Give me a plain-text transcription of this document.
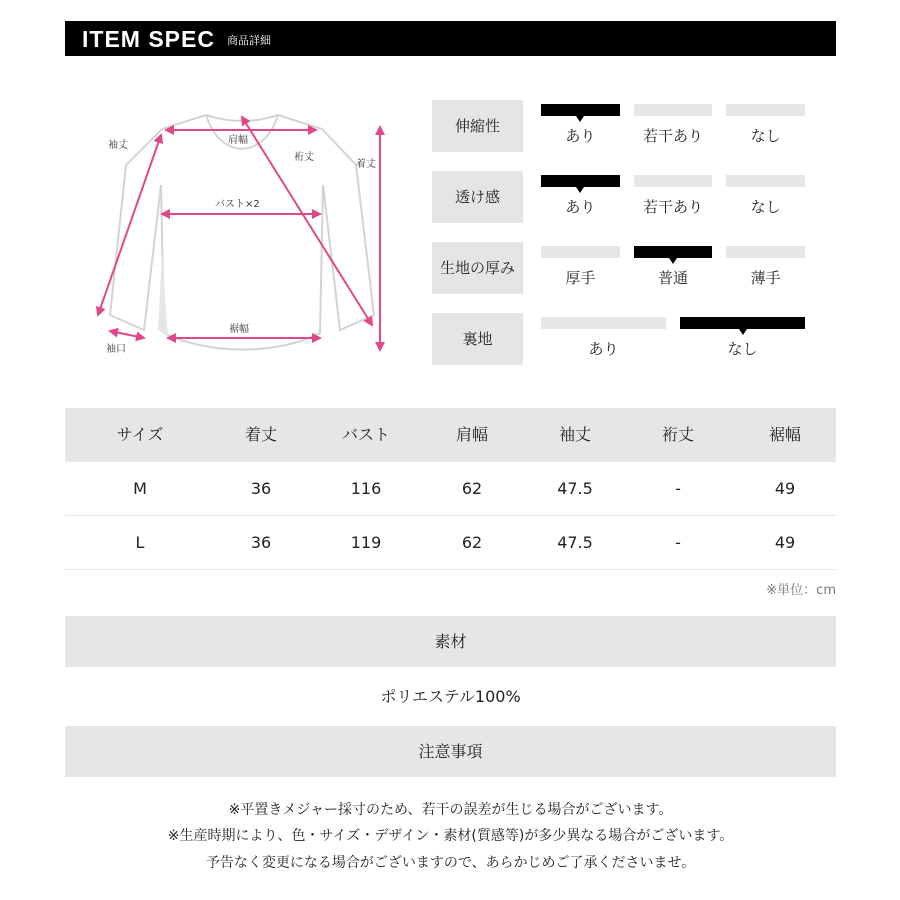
ITEM SPEC 商品詳細
袖丈	肩幅
裄丈
着丈
バスト×2
裾幅
袖口
伸縮性
あり	若干あり	なし
透け感
あり	若干あり	なし
生地の厚み
厚手	普通	薄手
裏地
あり	なし
サイズ	着丈	バスト	肩幅	袖丈	裄丈	裾幅
M	36	116	62	47.5	-	49
L	36	119	62	47.5	-	49
※単位：cm
素材
ポリエステル100%
注意事項
※平置きメジャー採寸のため、若干の誤差が生じる場合がございます。
※生産時期により、色・サイズ・デザイン・素材(質感等)が多少異なる場合がございます。
予告なく変更になる場合がございますので、あらかじめご了承くださいませ。
